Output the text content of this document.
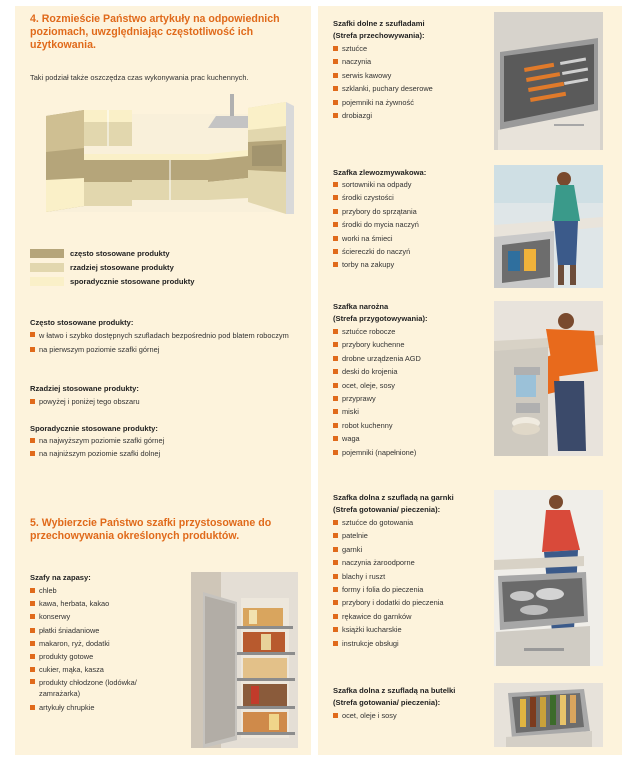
4. Rozmieście Państwo artykuły na odpowiednich poziomach, uwzględniając częstotliwość ich użytkowania.
Taki podział także oszczędza czas wykonywania prac kuchennych.
często stosowane produkty
rzadziej stosowane produkty
sporadycznie stosowane produkty
Często stosowane produkty:
w łatwo i szybko dostępnych szufladach bezpośrednio pod blatem roboczym
na pierwszym poziomie szafki górnej
Rzadziej stosowane produkty:
powyżej i poniżej tego obszaru
Sporadycznie stosowane produkty:
na najwyższym poziomie szafki górnej
na najniższym poziomie szafki dolnej
5. Wybierzcie Państwo szafki przystosowane do przechowywania określonych produktów.
Szafy na zapasy:
chleb
kawa, herbata, kakao
konserwy
płatki śniadaniowe
makaron, ryż, dodatki
produkty gotowe
cukier, mąka, kasza
produkty chłodzone (lodówka/ zamrażarka)
artykuły chrupkie
Szafki dolne z szufladami
(Strefa przechowywania):
sztućce
naczynia
serwis kawowy
szklanki, puchary deserowe
pojemniki na żywność
drobiazgi
Szafka zlewozmywakowa:
sortowniki na odpady
środki czystości
przybory do sprzątania
środki do mycia naczyń
worki na śmieci
ściereczki do naczyń
torby na zakupy
Szafka narożna
(Strefa przygotowywania):
sztućce robocze
przybory kuchenne
drobne urządzenia AGD
deski do krojenia
ocet, oleje, sosy
przyprawy
miski
robot kuchenny
waga
pojemniki (napełnione)
Szafka dolna z szufladą na garnki
(Strefa gotowania/ pieczenia):
sztućce do gotowania
patelnie
garnki
naczynia żaroodporne
blachy i ruszt
formy i folia do pieczenia
przybory i dodatki do pieczenia
rękawice do garnków
książki kucharskie
instrukcje obsługi
Szafka dolna z szufladą na butelki
(Strefa gotowania/ pieczenia):
ocet, oleje i sosy
